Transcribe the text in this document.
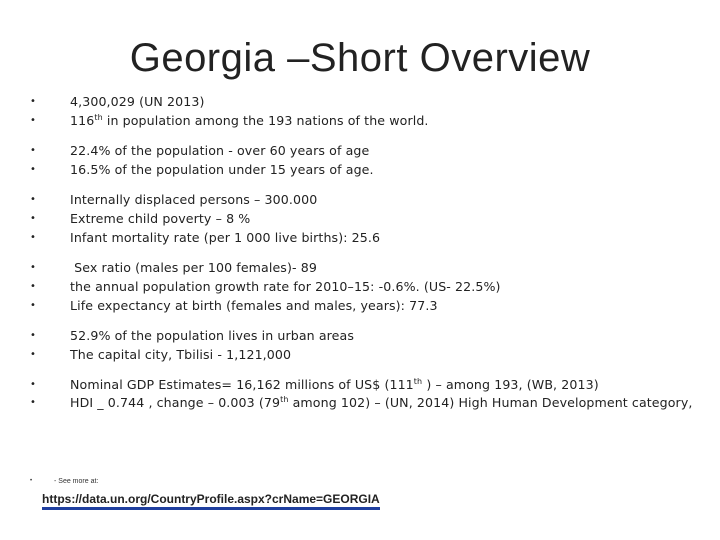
Georgia –Short Overview
•	4,300,029 (UN 2013)
•	116th in population among the 193 nations of the world.
•	22.4% of the population - over 60 years of age
•	16.5% of the population under 15 years of age.
•	Internally displaced persons – 300.000
•	Extreme child poverty – 8 %
•	Infant mortality rate (per 1 000 live births): 25.6
•	Sex ratio (males per 100 females)- 89
•	the annual population growth rate for 2010–15: -0.6%. (US- 22.5%)
•	Life expectancy at birth (females and males, years): 77.3
•	52.9% of the population lives in urban areas
•	The capital city, Tbilisi - 1,121,000
•	Nominal GDP Estimates= 16,162 millions of US$ (111th ) – among 193, (WB, 2013)
•	HDI _ 0.744 , change – 0.003 (79th among 102) – (UN, 2014) High Human Development category,
•	- See more at:
https://data.un.org/CountryProfile.aspx?crName=GEORGIA
